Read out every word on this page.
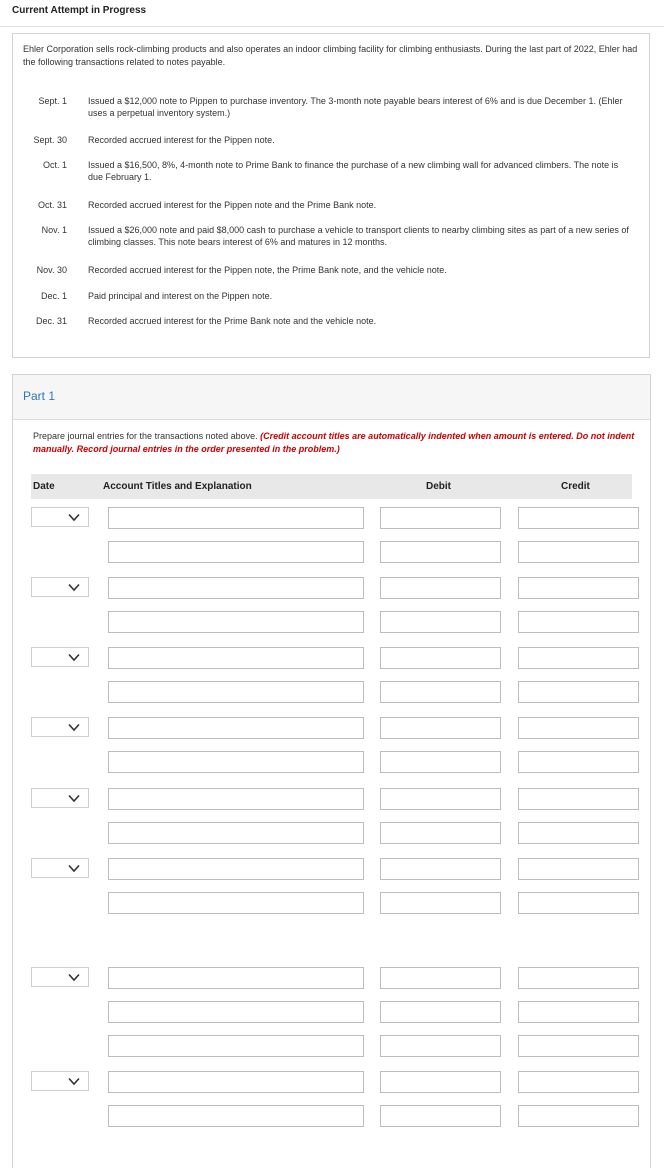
Current Attempt in Progress
Ehler Corporation sells rock-climbing products and also operates an indoor climbing facility for climbing enthusiasts. During the last part of 2022, Ehler had the following transactions related to notes payable.
Sept. 1 Issued a $12,000 note to Pippen to purchase inventory. The 3-month note payable bears interest of 6% and is due December 1. (Ehler uses a perpetual inventory system.)
Sept. 30 Recorded accrued interest for the Pippen note.
Oct. 1 Issued a $16,500, 8%, 4-month note to Prime Bank to finance the purchase of a new climbing wall for advanced climbers. The note is due February 1.
Oct. 31 Recorded accrued interest for the Pippen note and the Prime Bank note.
Nov. 1 Issued a $26,000 note and paid $8,000 cash to purchase a vehicle to transport clients to nearby climbing sites as part of a new series of climbing classes. This note bears interest of 6% and matures in 12 months.
Nov. 30 Recorded accrued interest for the Pippen note, the Prime Bank note, and the vehicle note.
Dec. 1 Paid principal and interest on the Pippen note.
Dec. 31 Recorded accrued interest for the Prime Bank note and the vehicle note.
Part 1
Prepare journal entries for the transactions noted above. (Credit account titles are automatically indented when amount is entered. Do not indent manually. Record journal entries in the order presented in the problem.)
Date	Account Titles and Explanation	Debit	Credit
